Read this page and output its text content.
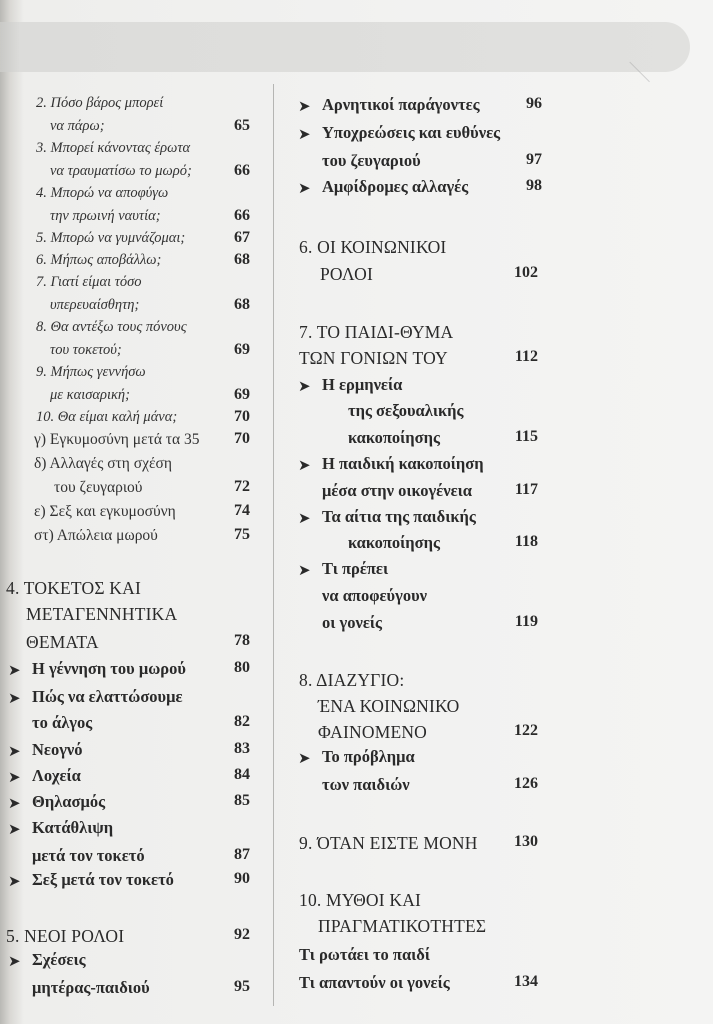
2. Πόσο βάρος μπορεί
να πάρω;	65
3. Μπορεί κάνοντας έρωτα
να τραυματίσω το μωρό;	66
4. Μπορώ να αποφύγω
την πρωινή ναυτία;	66
5. Μπορώ να γυμνάζομαι;	67
6. Μήπως αποβάλλω;	68
7. Γιατί είμαι τόσο
υπερευαίσθητη;	68
8. Θα αντέξω τους πόνους
του τοκετού;	69
9. Μήπως γεννήσω
με καισαρική;	69
10. Θα είμαι καλή μάνα;	70
γ) Εγκυμοσύνη μετά τα 35	70
δ) Αλλαγές στη σχέση
του ζευγαριού	72
ε) Σεξ και εγκυμοσύνη	74
στ) Απώλεια μωρού	75
4. ΤΟΚΕΤΟΣ ΚΑΙ
ΜΕΤΑΓΕΝΝΗΤΙΚΑ
ΘΕΜΑΤΑ	78
➤ Η γέννηση του μωρού	80
➤ Πώς να ελαττώσουμε
το άλγος	82
➤ Νεογνό	83
➤ Λοχεία	84
➤ Θηλασμός	85
➤ Κατάθλιψη
μετά τον τοκετό	87
➤ Σεξ μετά τον τοκετό	90
5. ΝΕΟΙ ΡΟΛΟΙ	92
➤ Σχέσεις
μητέρας-παιδιού	95
➤ Αρνητικοί παράγοντες	96
➤ Υποχρεώσεις και ευθύνες
του ζευγαριού	97
➤ Αμφίδρομες αλλαγές	98
6. ΟΙ ΚΟΙΝΩΝΙΚΟΙ
ΡΟΛΟΙ	102
7. ΤΟ ΠΑΙΔΙ-ΘΥΜΑ
ΤΩΝ ΓΟΝΙΩΝ ΤΟΥ	112
➤ Η ερμηνεία
της σεξουαλικής
κακοποίησης	115
➤ Η παιδική κακοποίηση
μέσα στην οικογένεια	117
➤ Τα αίτια της παιδικής
κακοποίησης	118
➤ Τι πρέπει
να αποφεύγουν
οι γονείς	119
8. ΔΙΑΖΥΓΙΟ:
ΈΝΑ ΚΟΙΝΩΝΙΚΟ
ΦΑΙΝΟΜΕΝΟ	122
➤ Το πρόβλημα
των παιδιών	126
9. ΌΤΑΝ ΕΙΣΤΕ ΜΟΝΗ	130
10. ΜΥΘΟΙ ΚΑΙ
ΠΡΑΓΜΑΤΙΚΟΤΗΤΕΣ
Τι ρωτάει το παιδί
Τι απαντούν οι γονείς	134
